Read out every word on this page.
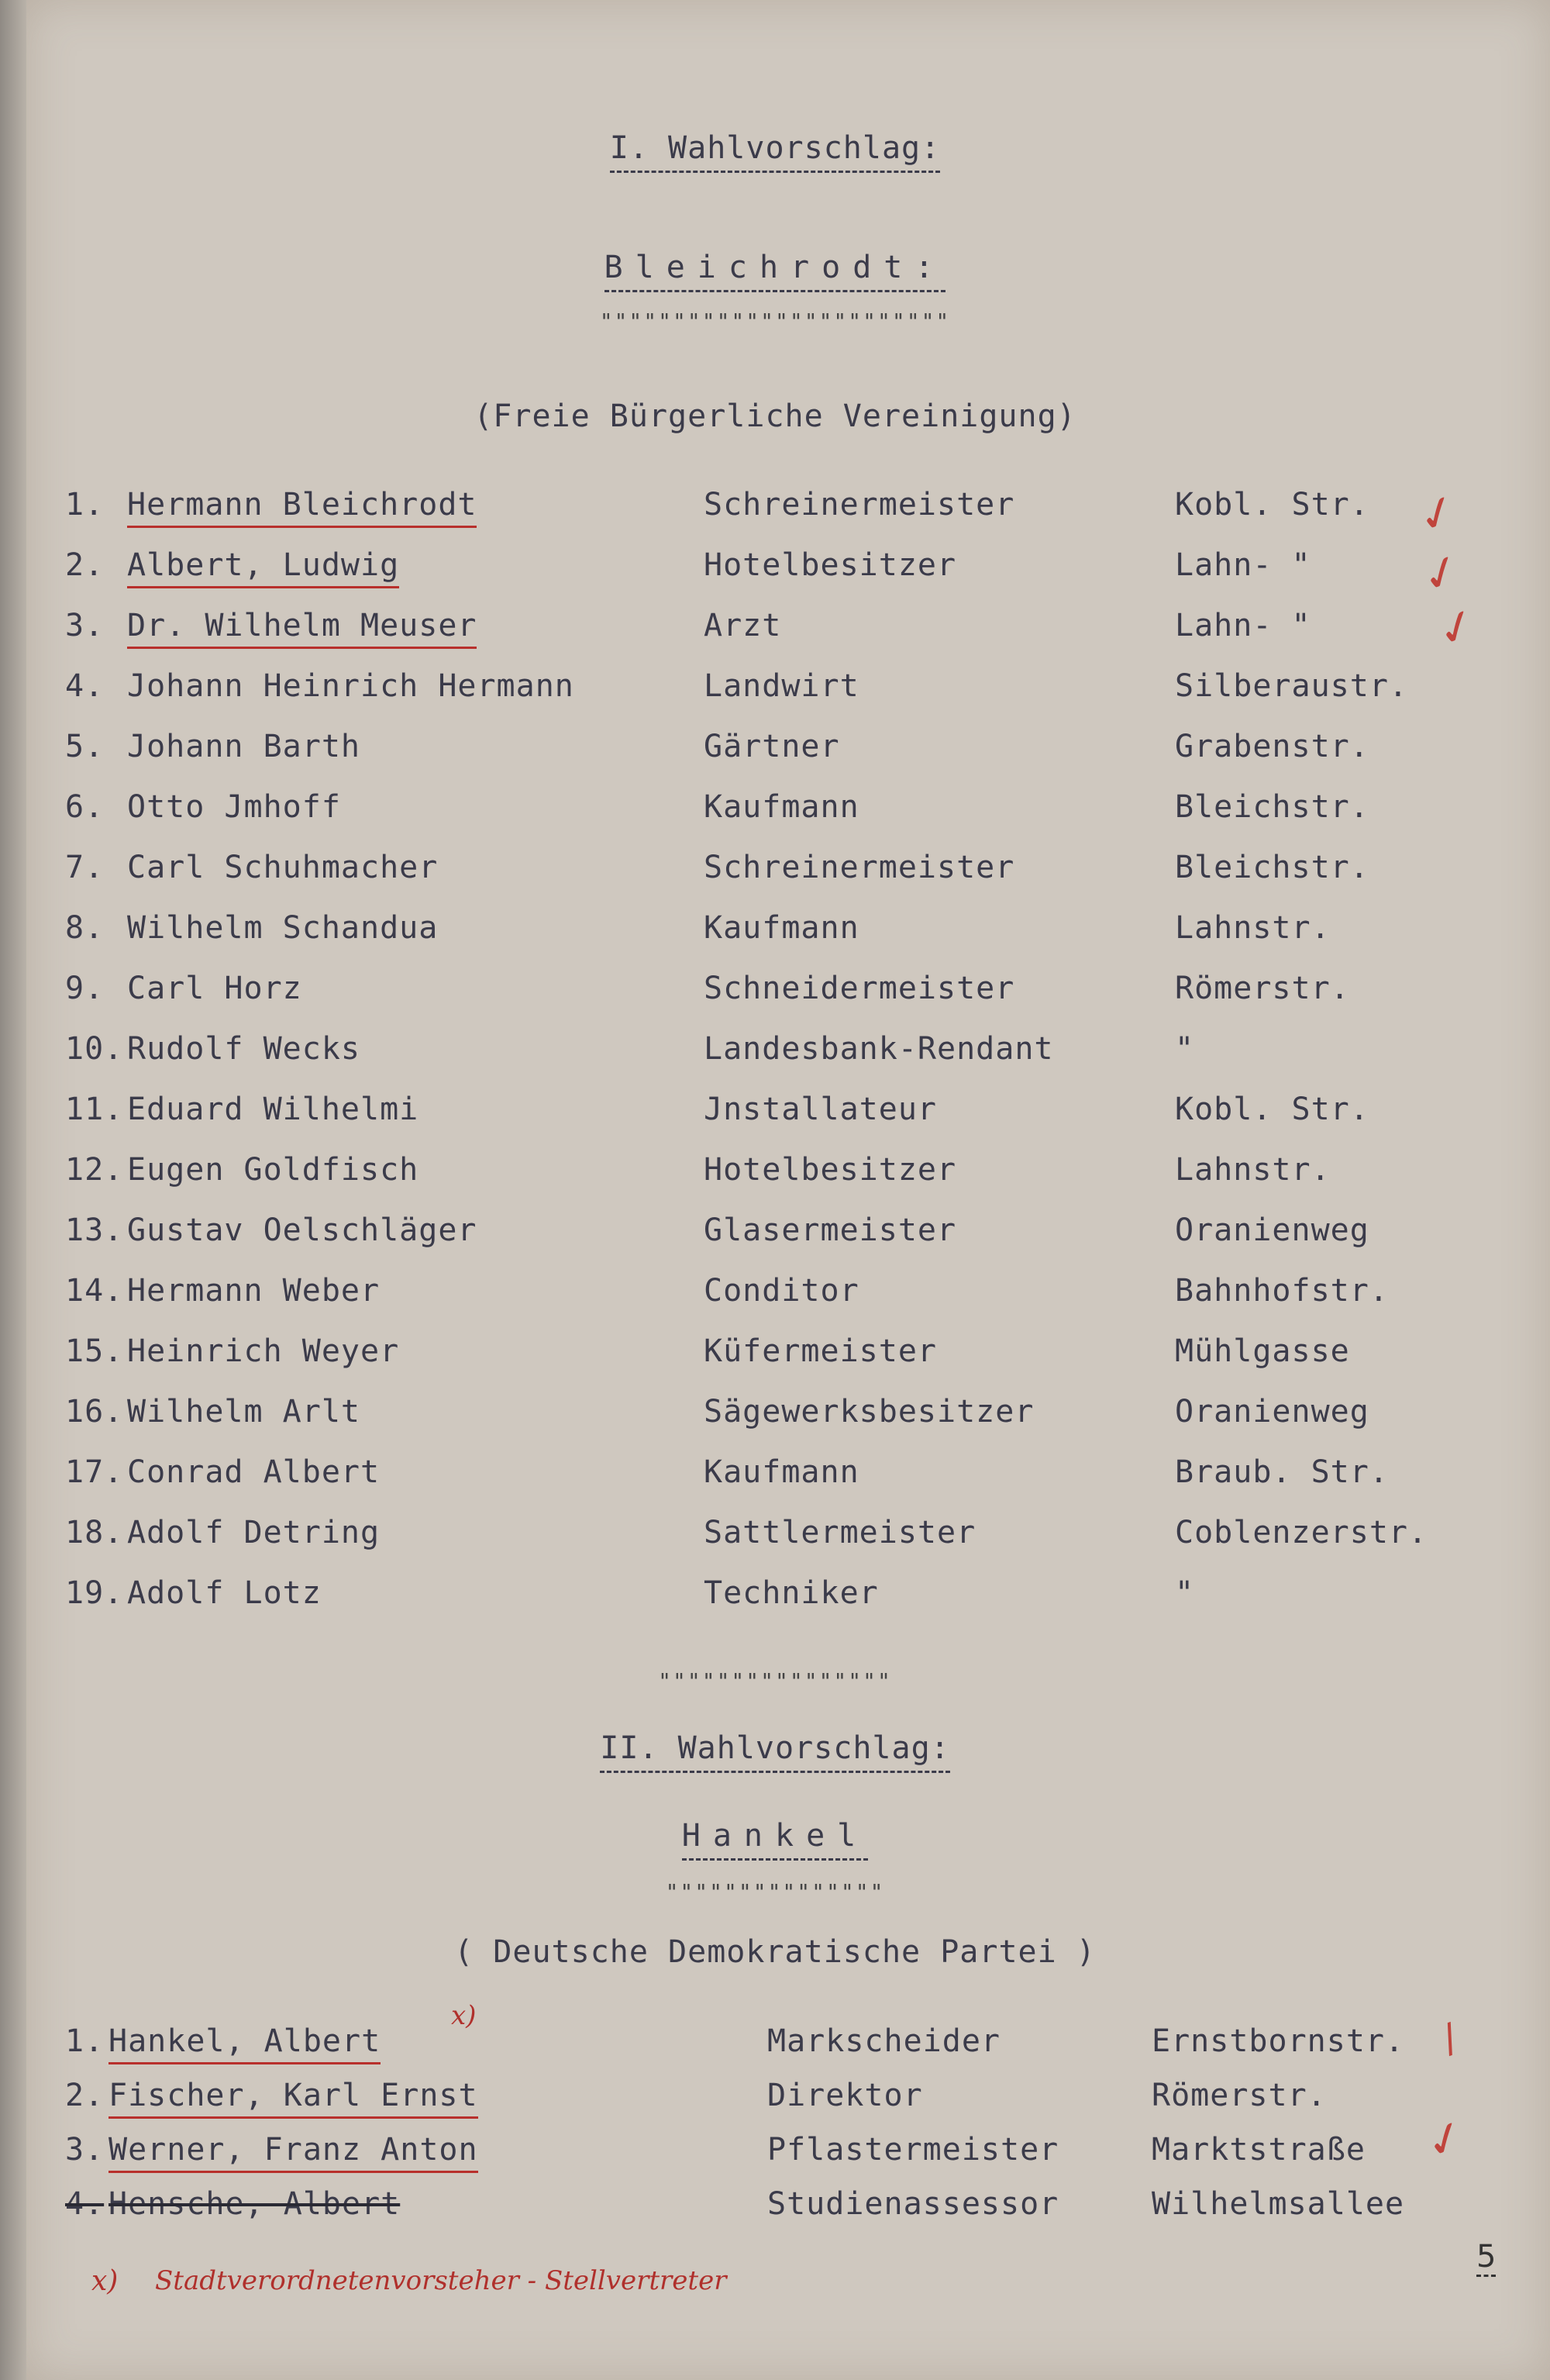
I. Wahlvorschlag:
Bleichrodt:
""""""""""""""""""""""""
(Freie Bürgerliche Vereinigung)
1. Hermann Bleichrodt	Schreinermeister	Kobl. Str.
2. Albert, Ludwig	Hotelbesitzer	Lahn- "
3. Dr. Wilhelm Meuser	Arzt	Lahn- "
4. Johann Heinrich Hermann	Landwirt	Silberaustr.
5. Johann Barth	Gärtner	Grabenstr.
6. Otto Jmhoff	Kaufmann	Bleichstr.
7. Carl Schuhmacher	Schreinermeister	Bleichstr.
8. Wilhelm Schandua	Kaufmann	Lahnstr.
9. Carl Horz	Schneidermeister	Römerstr.
10. Rudolf Wecks	Landesbank-Rendant	"
11. Eduard Wilhelmi	Jnstallateur	Kobl. Str.
12. Eugen Goldfisch	Hotelbesitzer	Lahnstr.
13. Gustav Oelschläger	Glasermeister	Oranienweg
14. Hermann Weber	Conditor	Bahnhofstr.
15. Heinrich Weyer	Küfermeister	Mühlgasse
16. Wilhelm Arlt	Sägewerksbesitzer	Oranienweg
17. Conrad Albert	Kaufmann	Braub. Str.
18. Adolf Detring	Sattlermeister	Coblenzerstr.
19. Adolf Lotz	Techniker	"
""""""""""""""""
II. Wahlvorschlag:
Hankel
"""""""""""""""
( Deutsche Demokratische Partei )
1. Hankel, Albert	Markscheider	Ernstbornstr.
2. Fischer, Karl Ernst	Direktor	Römerstr.
3. Werner, Franz Anton	Pflastermeister	Marktstraße
4. Hensche, Albert	Studienassessor	Wilhelmsallee
x)
x) Stadtverordnetenvorsteher - Stellvertreter
✓
✓
✓
/
✓
5
